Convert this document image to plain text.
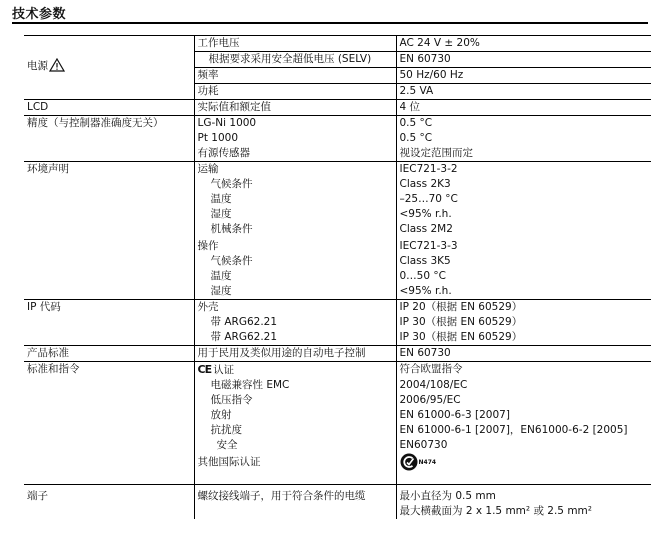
技术参数
电源	工作电压	AC 24 V ± 20%
	根据要求采用安全超低电压 (SELV)	EN 60730
	频率	50 Hz/60 Hz
	功耗	2.5 VA
LCD	实际值和额定值	4 位
精度（与控制器准确度无关）	LG-Ni 1000	0.5 °C
	Pt 1000	0.5 °C
	有源传感器	视设定范围而定
环境声明	运输	IEC721-3-2
	气候条件	Class 2K3
	温度	–25…70 °C
	湿度	<95% r.h.
	机械条件	Class 2M2
	操作	IEC721-3-3
	气候条件	Class 3K5
	温度	0…50 °C
	湿度	<95% r.h.
IP 代码	外壳	IP 20（根据 EN 60529）
	带 ARG62.21	IP 30（根据 EN 60529）
	带 ARG62.21	IP 30（根据 EN 60529）
产品标准	用于民用及类似用途的自动电子控制	EN 60730
标准和指令	CE 认证	符合欧盟指令
	电磁兼容性 EMC	2004/108/EC
	低压指令	2006/95/EC
	放射	EN 61000-6-3 [2007]
	抗扰度	EN 61000-6-1 [2007]，EN61000-6-2 [2005]
	安全	EN60730
	其他国际认证	N474

端子	螺纹接线端子，用于符合条件的电缆	最小直径为 0.5 mm
		最大横截面为 2 x 1.5 mm² 或 2.5 mm²
